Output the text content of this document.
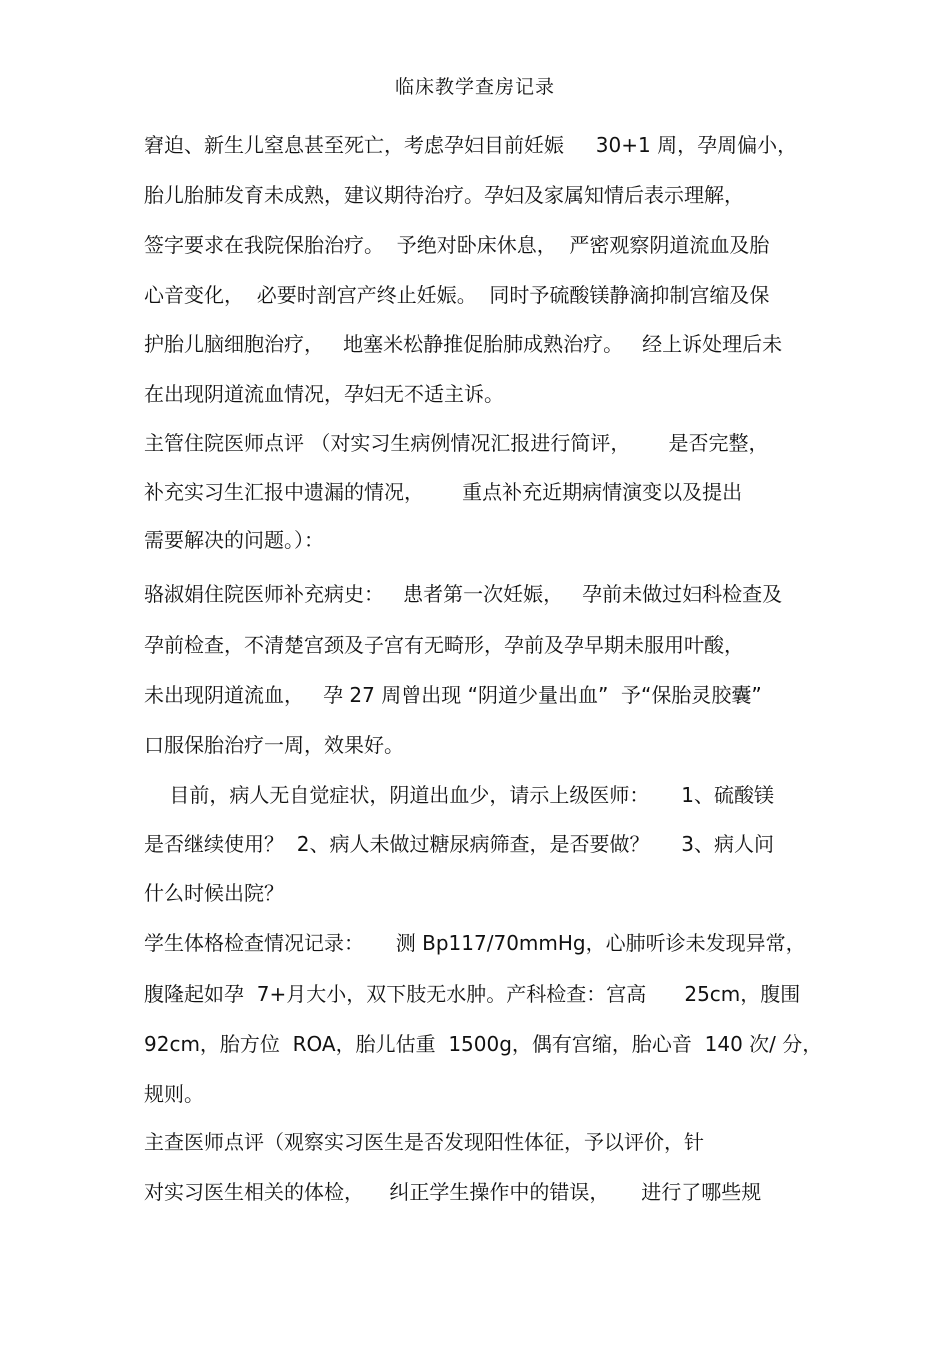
临床教学查房记录
窘迫、新生儿窒息甚至死亡，考虑孕妇目前妊娠     30+1 周，孕周偏小，
胎儿胎肺发育未成熟，建议期待治疗。孕妇及家属知情后表示理解，
签字要求在我院保胎治疗。  予绝对卧床休息，  严密观察阴道流血及胎
心音变化，  必要时剖宫产终止妊娠。  同时予硫酸镁静滴抑制宫缩及保
护胎儿脑细胞治疗，   地塞米松静推促胎肺成熟治疗。   经上诉处理后未
在出现阴道流血情况，孕妇无不适主诉。
主管住院医师点评 （对实习生病例情况汇报进行简评，      是否完整，
补充实习生汇报中遗漏的情况，      重点补充近期病情演变以及提出
需要解决的问题。）：
骆淑娟住院医师补充病史：   患者第一次妊娠，   孕前未做过妇科检查及
孕前检查，不清楚宫颈及子宫有无畸形，孕前及孕早期未服用叶酸，
未出现阴道流血，   孕 27 周曾出现 “阴道少量出血”  予“保胎灵胶囊”
口服保胎治疗一周，效果好。
目前，病人无自觉症状，阴道出血少，请示上级医师：     1、硫酸镁
是否继续使用？  2、病人未做过糖尿病筛查，是否要做？     3、病人问
什么时候出院？
学生体格检查情况记录：     测 Bp117/70mmHg，心肺听诊未发现异常，
腹隆起如孕  7+月大小，双下肢无水肿。产科检查：宫高      25cm，腹围
92cm，胎方位  ROA，胎儿估重  1500g，偶有宫缩，胎心音  140 次/ 分，
规则。
主查医师点评（观察实习医生是否发现阳性体征，予以评价，针
对实习医生相关的体检，    纠正学生操作中的错误，     进行了哪些规
